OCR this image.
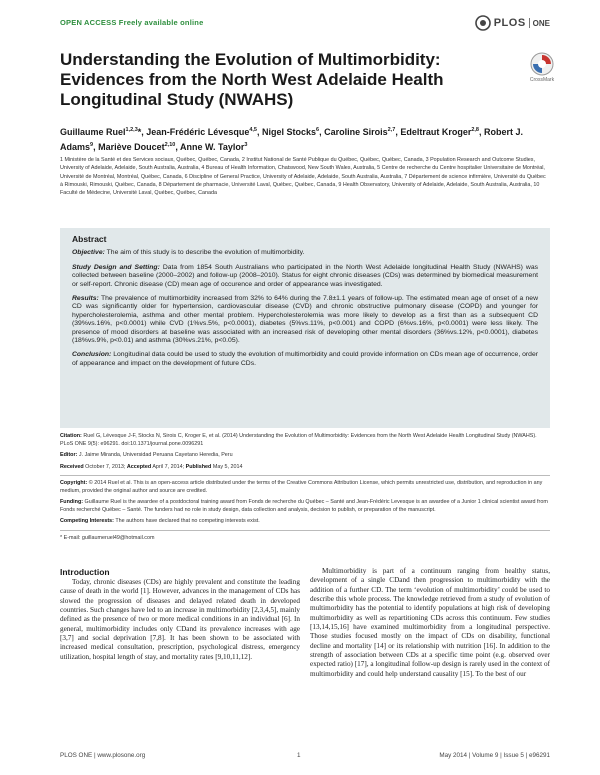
OPEN ACCESS Freely available online	PLOS ONE
Understanding the Evolution of Multimorbidity: Evidences from the North West Adelaide Health Longitudinal Study (NWAHS)
CrossMark
Guillaume Ruel$^{1,2,3}$*, Jean-Frédéric Lévesque$^{4,5}$, Nigel Stocks$^6$, Caroline Sirois$^{2,7}$, Edeltraut Kroger$^{2,8}$, Robert J. Adams$^9$, Mariève Doucet$^{2,10}$, Anne W. Taylor$^3$
1 Ministère de la Santé et des Services sociaux, Québec, Québec, Canada, 2 Institut National de Santé Publique du Québec, Québec, Québec, Canada, 3 Population Research and Outcome Studies, University of Adelaide, Adelaide, South Australia, Australia, 4 Bureau of Health Information, Chatswood, New South Wales, Australia, 5 Centre de recherche du Centre hospitalier Universitaire de Montréal, Université de Montréal, Montréal, Québec, Canada, 6 Discipline of General Practice, University of Adelaide, Adelaide, South Australia, Australia, 7 Département de science infirmière, Université du Québec à Rimouski, Rimouski, Québec, Canada, 8 Département de pharmacie, Université Laval, Québec, Québec, Canada, 9 Health Observatory, University of Adelaide, Adelaide, South Australia, Australia, 10 Faculté de Médecine, Université Laval, Québec, Québec, Canada
Abstract

Objective: The aim of this study is to describe the evolution of multimorbidity.

Study Design and Setting: Data from 1854 South Australians who participated in the North West Adelaide longitudinal Health Study (NWAHS) was collected between baseline (2000–2002) and follow-up (2008–2010). Status for eight chronic diseases (CDs) was determined by biomedical measurement or self-report. Chronic disease (CD) mean age of occurence and order of appearance was investigated.

Results: The prevalence of multimorbidity increased from 32% to 64% during the 7.8±1.1 years of follow-up. The estimated mean age of onset of a new CD was significantly older for hypertension, cardiovascular disease (CVD) and chronic obstructive pulmonary disease (COPD) and younger for hypercholesterolemia, asthma and other mental problem. Hypercholesterolemia was more likely to develop as a first than as a subsequent CD (39%vs.16%, p<0.0001) while CVD (1%vs.5%, p<0.0001), diabetes (5%vs.11%, p<0.001) and COPD (6%vs.16%, p<0.0001) were less likely. The presence of mood disorders at baseline was associated with an increased risk of developing other mental disorders (36%vs.12%, p<0.0001), diabetes (18%vs.9%, p<0.01) and asthma (30%vs.21%, p<0.05).

Conclusion: Longitudinal data could be used to study the evolution of multimorbidity and could provide information on CDs mean age of occurrence, order of appearance and impact on the development of future CDs.

Citation: Ruel G, Lévesque J-F, Stocks N, Sirois C, Kroger E, et al. (2014) Understanding the Evolution of Multimorbidity: Evidences from the North West Adelaide Health Longitudinal Study (NWAHS). PLoS ONE 9(5): e96291. doi:10.1371/journal.pone.0096291

Editor: J. Jaime Miranda, Universidad Peruana Cayetano Heredia, Peru

Received October 7, 2013; Accepted April 7, 2014; Published May 5, 2014

Copyright: © 2014 Ruel et al. This is an open-access article distributed under the terms of the Creative Commons Attribution License, which permits unrestricted use, distribution, and reproduction in any medium, provided the original author and source are credited.

Funding: Guillaume Ruel is the awardee of a postdoctoral training award from Fonds de recherche du Québec – Santé and Jean-Frédéric Levesque is an awardee of a Junior 1 clinical scientist award from Fonds recherché Québec – Santé. The funders had no role in study design, data collection and analysis, decision to publish, or preparation of the manuscript.

Competing Interests: The authors have declared that no competing interests exist.

* E-mail: guillaumeruel49@hotmail.com

Introduction

Today, chronic diseases (CDs) are highly prevalent and constitute the leading cause of death in the world [1]. However, advances in the management of CDs has slowed the progression of diseases and delayed related death in developed countries. Such changes have led to an increase in multimorbidity [2,3,4,5], mainly defined as the presence of two or more medical conditions in an individual [6]. In general, multimorbidity includes only CDand its prevalence increases with age [3,7] and social deprivation [7,8]. It has been shown to be associated with increased medical consultation, prescription, psychological distress, emergency utilization, hospital length of stay, and mortality rates [9,10,11,12].

Multimorbidity is part of a continuum ranging from healthy status, development of a single CDand then progression to multimorbidity with the addition of a further CD. The term ‘evolution of multimorbidity’ could be used to describe this whole process. The knowledge retrieved from a study of evolution of multimorbidity has the potential to identify populations at high risk of developing multimorbidity as well as repartitioning CDs across this continuum. Few studies [13,14,15,16] have examined multimorbidity from a longitudinal perspective. Those studies focused mostly on the impact of CDs on disability, functional decline and mortality [14] or its relationship with nutrition [16]. In addition to the strength of association between CDs at a specific time point (e.g. observed over expected ratio) [17], a longitudinal follow-up design is rarely used in the context of multimorbidity and could help understand causality [15]. To the best of our

PLOS ONE | www.plosone.org	1	May 2014 | Volume 9 | Issue 5 | e96291
